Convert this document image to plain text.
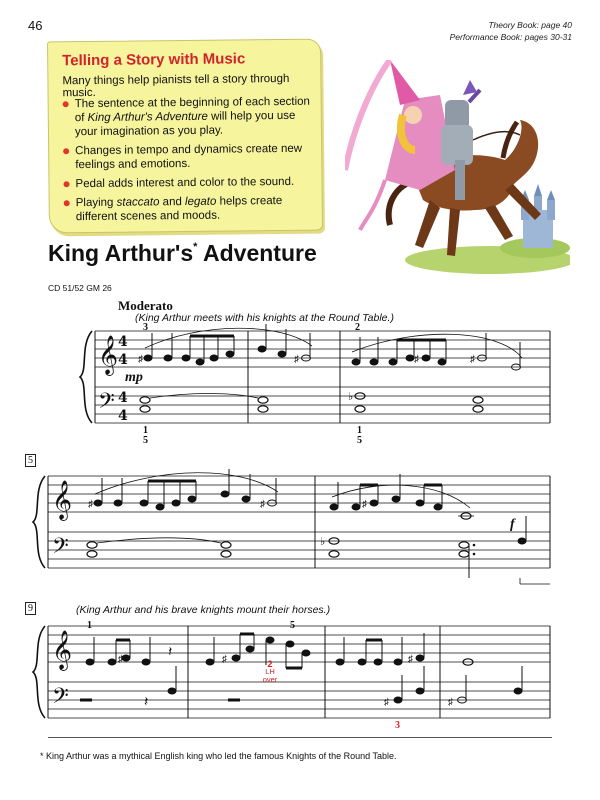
46	Theory Book: page 40
Performance Book: pages 30-31
Telling a Story with Music
Many things help pianists tell a story through music.
The sentence at the beginning of each section of King Arthur's Adventure will help you use your imagination as you play.
Changes in tempo and dynamics create new feelings and emotions.
Pedal adds interest and color to the sound.
Playing staccato and legato helps create different scenes and moods.
King Arthur's* Adventure
CD 51/52 GM 26
Moderato
(King Arthur meets with his knights at the Round Table.)
(King Arthur and his brave knights mount their horses.)
𝄞
𝄢
𝄞
𝄢
𝄞
𝄢
4
4
4
4
♯	♯	♯	♯
♭
♯	♯	♯
♭
♯
𝄽
♯	♯
𝄽	♯	♯
3	2
mp
1
5
1
5
5
f
9
1	5
2
LH
over
3
* King Arthur was a mythical English king who led the famous Knights of the Round Table.
